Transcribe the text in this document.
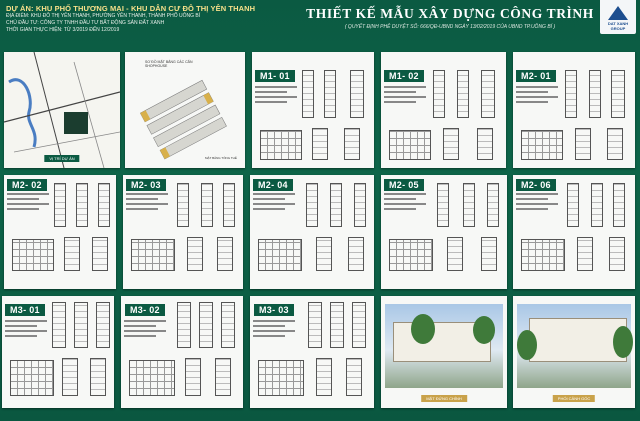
DỰ ÁN: KHU PHỐ THƯƠNG MẠI - KHU DÂN CƯ ĐÔ THỊ YÊN THANH
ĐỊA ĐIỂM: KHU ĐÔ THỊ YÊN THANH, PHƯỜNG YÊN THANH, THÀNH PHỐ UÔNG BÍ
CHỦ ĐẦU TƯ: CÔNG TY TNHH ĐẦU TƯ BẤT ĐỘNG SẢN ĐẤT XANH
THỜI GIAN THỰC HIỆN: TỪ 3/2019 ĐẾN 12/2019
THIẾT KẾ MẪU XÂY DỰNG CÔNG TRÌNH
( QUYẾT ĐỊNH PHÊ DUYỆT SỐ: 666/QĐ-UBND NGÀY 13/02/2019 CỦA UBND TP.UÔNG BÍ )
DAT XANH GROUP
VỊ TRÍ DỰ ÁN
SƠ ĐỒ MẶT BẰNG CÁC CĂN SHOPHOUSE
MẶT BẰNG TỔNG THỂ
M1- 01	M1- 02	M2- 01
M2- 02	M2- 03	M2- 04	M2- 05	M2- 06
M3- 01	M3- 02	M3- 03
MẶT ĐỨNG CHÍNH	PHỐI CẢNH GÓC
